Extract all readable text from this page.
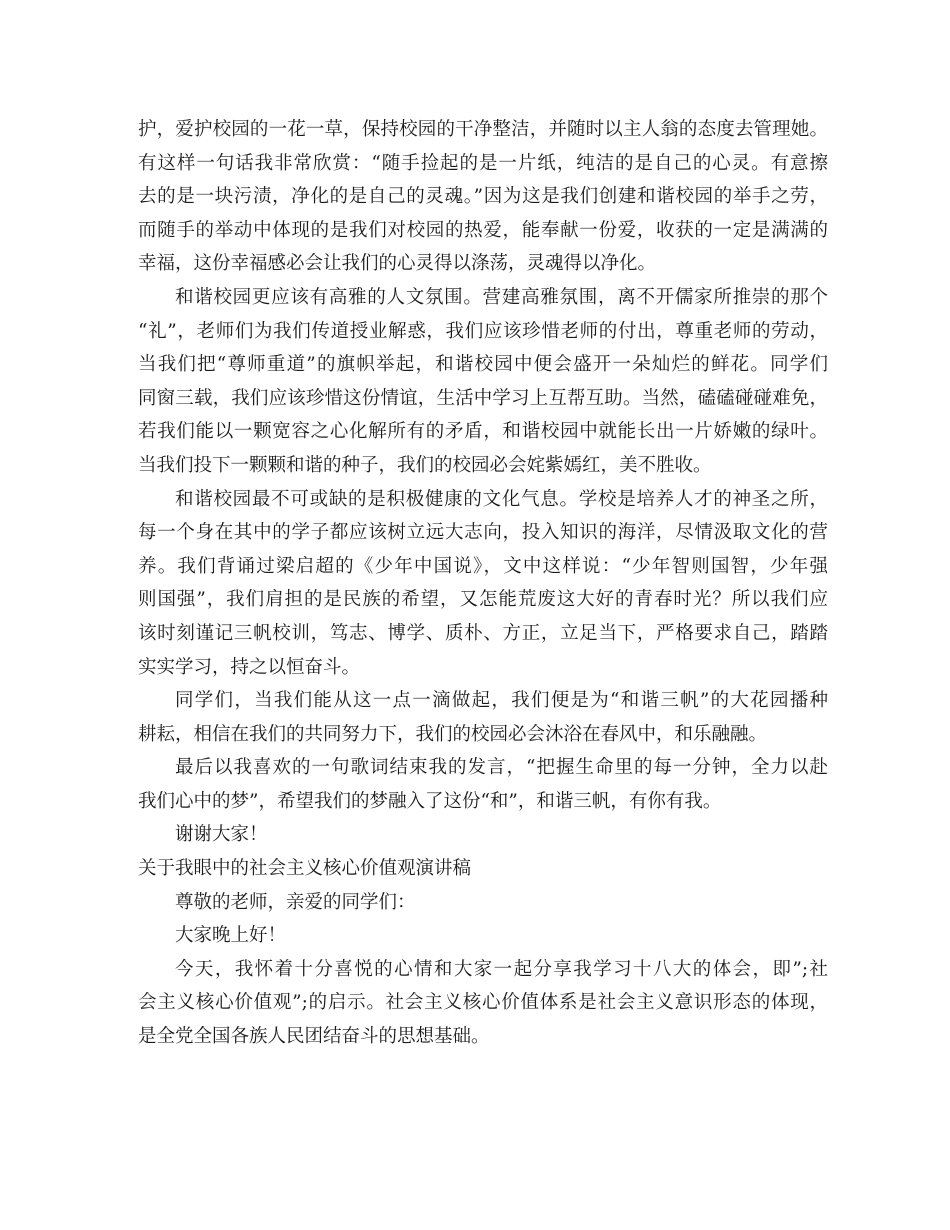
护，爱护校园的一花一草，保持校园的干净整洁，并随时以主人翁的态度去管理她。
有这样一句话我非常欣赏：“随手捡起的是一片纸，纯洁的是自己的心灵。有意擦
去的是一块污渍，净化的是自己的灵魂。”因为这是我们创建和谐校园的举手之劳，
而随手的举动中体现的是我们对校园的热爱，能奉献一份爱，收获的一定是满满的
幸福，这份幸福感必会让我们的心灵得以涤荡，灵魂得以净化。
和谐校园更应该有高雅的人文氛围。营建高雅氛围，离不开儒家所推崇的那个
“礼”，老师们为我们传道授业解惑，我们应该珍惜老师的付出，尊重老师的劳动，
当我们把“尊师重道”的旗帜举起，和谐校园中便会盛开一朵灿烂的鲜花。同学们
同窗三载，我们应该珍惜这份情谊，生活中学习上互帮互助。当然，磕磕碰碰难免，
若我们能以一颗宽容之心化解所有的矛盾，和谐校园中就能长出一片娇嫩的绿叶。
当我们投下一颗颗和谐的种子，我们的校园必会姹紫嫣红，美不胜收。
和谐校园最不可或缺的是积极健康的文化气息。学校是培养人才的神圣之所，
每一个身在其中的学子都应该树立远大志向，投入知识的海洋，尽情汲取文化的营
养。我们背诵过梁启超的《少年中国说》，文中这样说：“少年智则国智，少年强
则国强”，我们肩担的是民族的希望，又怎能荒废这大好的青春时光？所以我们应
该时刻谨记三帆校训，笃志、博学、质朴、方正，立足当下，严格要求自己，踏踏
实实学习，持之以恒奋斗。
同学们，当我们能从这一点一滴做起，我们便是为“和谐三帆”的大花园播种
耕耘，相信在我们的共同努力下，我们的校园必会沐浴在春风中，和乐融融。
最后以我喜欢的一句歌词结束我的发言，“把握生命里的每一分钟，全力以赴
我们心中的梦”，希望我们的梦融入了这份“和”，和谐三帆，有你有我。
谢谢大家！
关于我眼中的社会主义核心价值观演讲稿
尊敬的老师，亲爱的同学们：
大家晚上好！
今天，我怀着十分喜悦的心情和大家一起分享我学习十八大的体会，即”;社
会主义核心价值观”;的启示。社会主义核心价值体系是社会主义意识形态的体现，
是全党全国各族人民团结奋斗的思想基础。
